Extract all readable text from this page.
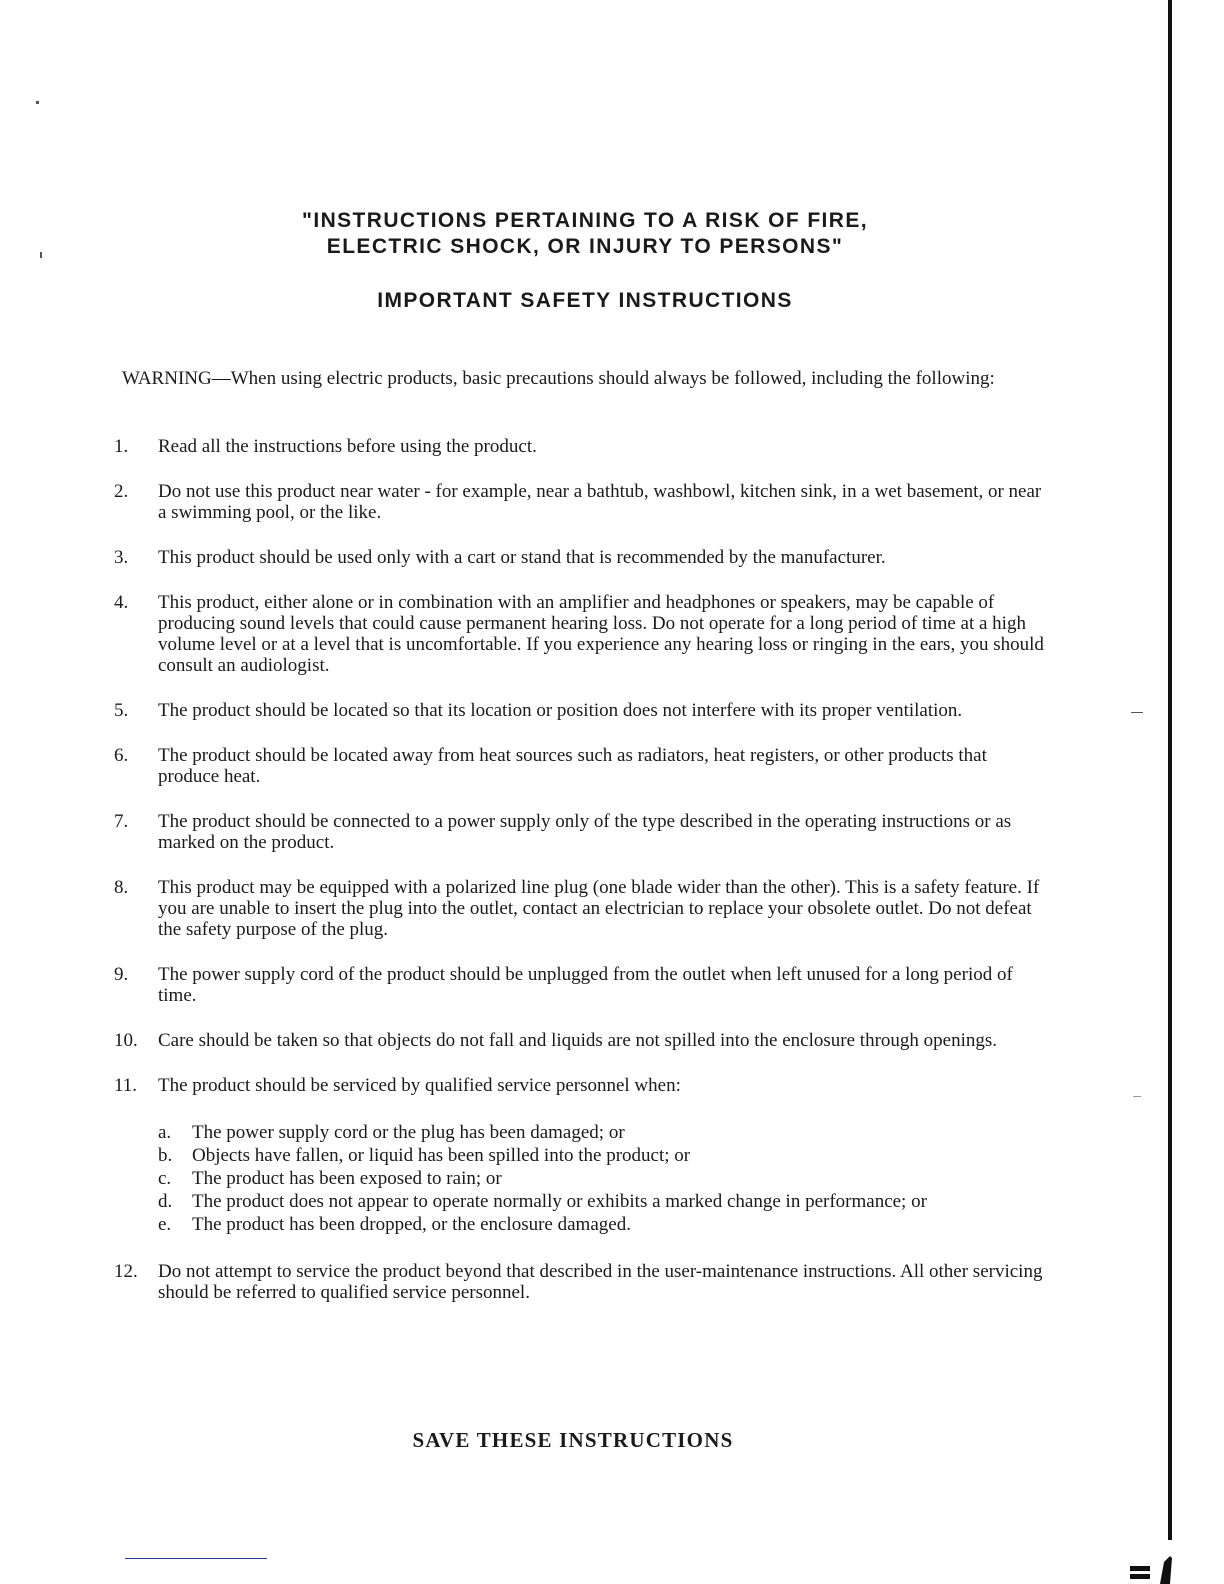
"INSTRUCTIONS PERTAINING TO A RISK OF FIRE,
ELECTRIC SHOCK, OR INJURY TO PERSONS"

IMPORTANT SAFETY INSTRUCTIONS

WARNING—When using electric products, basic precautions should always be followed, including the following:

1.	Read all the instructions before using the product.
2.	Do not use this product near water - for example, near a bathtub, washbowl, kitchen sink, in a wet basement, or near a swimming pool, or the like.
3.	This product should be used only with a cart or stand that is recommended by the manufacturer.
4.	This product, either alone or in combination with an amplifier and headphones or speakers, may be capable of producing sound levels that could cause permanent hearing loss. Do not operate for a long period of time at a high volume level or at a level that is uncomfortable. If you experience any hearing loss or ringing in the ears, you should consult an audiologist.
5.	The product should be located so that its location or position does not interfere with its proper ventilation.
6.	The product should be located away from heat sources such as radiators, heat registers, or other products that produce heat.
7.	The product should be connected to a power supply only of the type described in the operating instructions or as marked on the product.
8.	This product may be equipped with a polarized line plug (one blade wider than the other). This is a safety feature. If you are unable to insert the plug into the outlet, contact an electrician to replace your obsolete outlet. Do not defeat the safety purpose of the plug.
9.	The power supply cord of the product should be unplugged from the outlet when left unused for a long period of time.
10.	Care should be taken so that objects do not fall and liquids are not spilled into the enclosure through openings.
11.	The product should be serviced by qualified service personnel when:
a.	The power supply cord or the plug has been damaged; or
b.	Objects have fallen, or liquid has been spilled into the product; or
c.	The product has been exposed to rain; or
d.	The product does not appear to operate normally or exhibits a marked change in performance; or
e.	The product has been dropped, or the enclosure damaged.
12.	Do not attempt to service the product beyond that described in the user-maintenance instructions. All other servicing should be referred to qualified service personnel.

SAVE THESE INSTRUCTIONS
